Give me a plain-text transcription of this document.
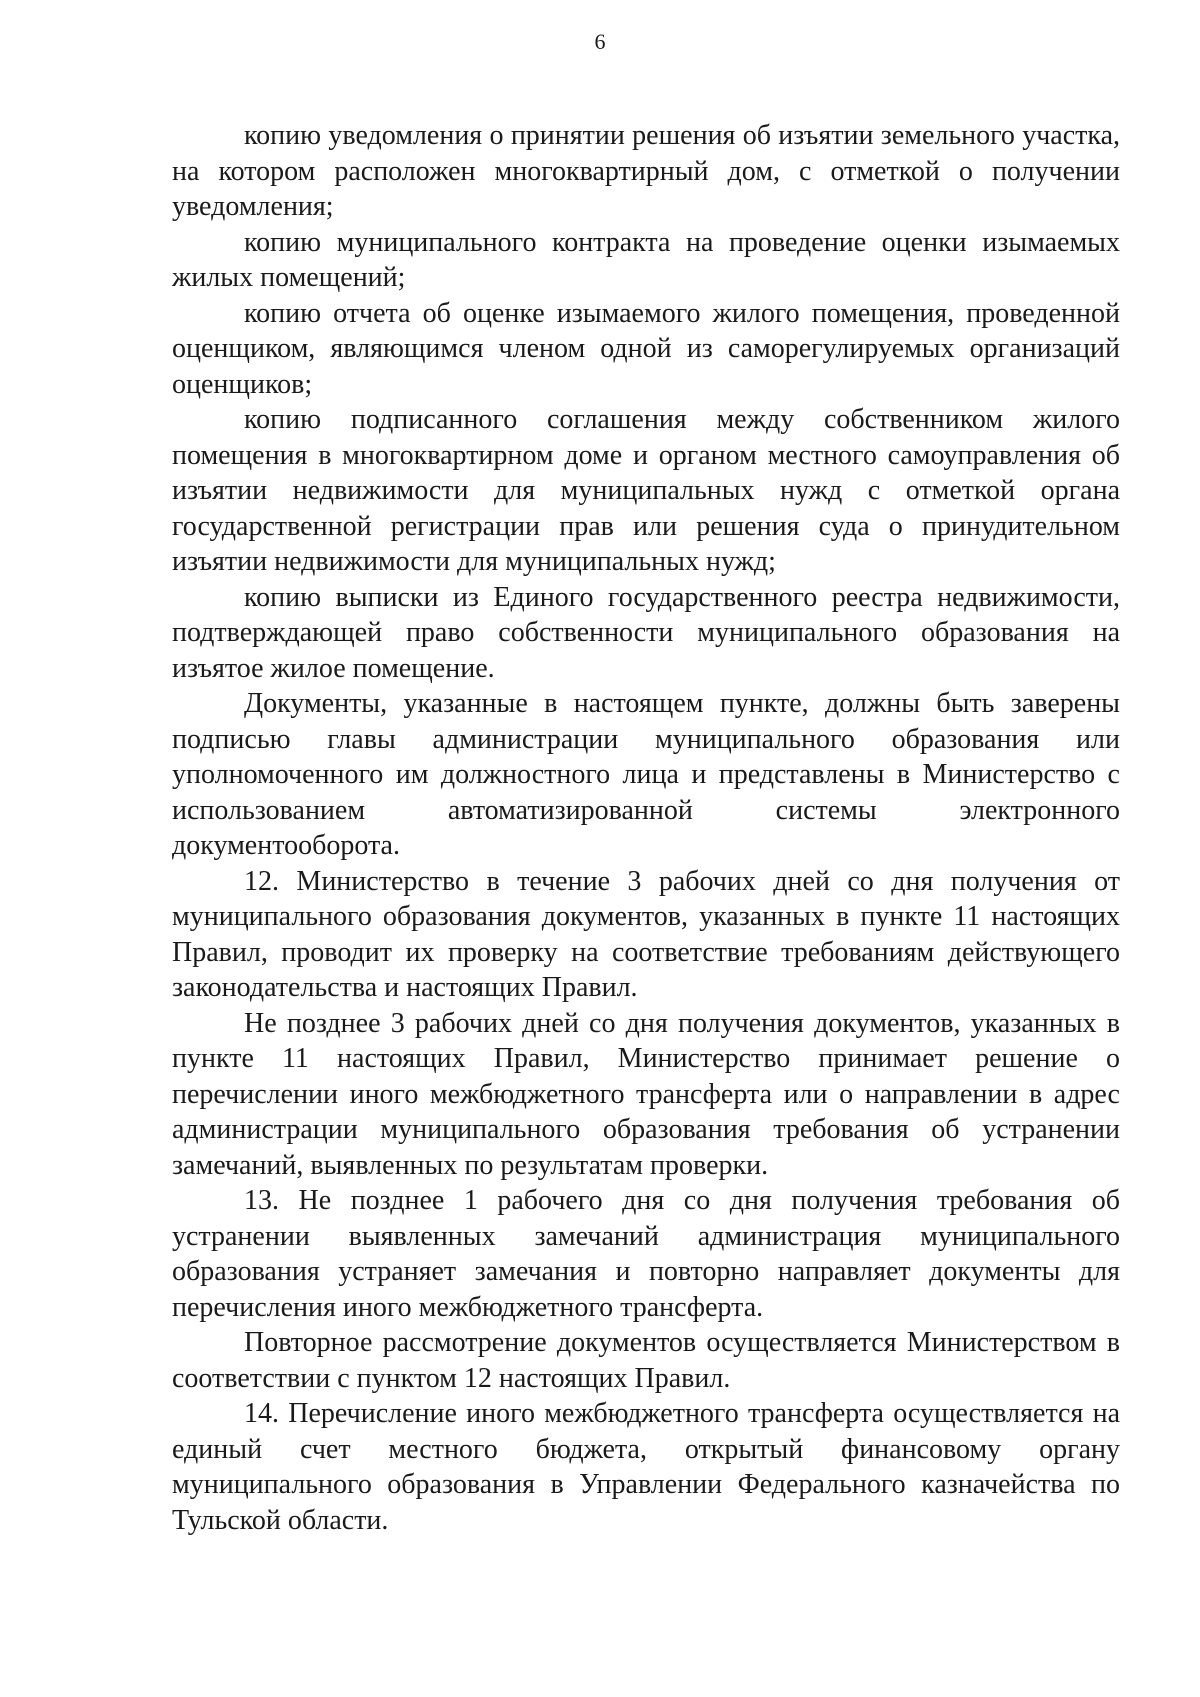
6

копию уведомления о принятии решения об изъятии земельного участка, на котором расположен многоквартирный дом, с отметкой о получении уведомления;

копию муниципального контракта на проведение оценки изымаемых жилых помещений;

копию отчета об оценке изымаемого жилого помещения, проведенной оценщиком, являющимся членом одной из саморегулируемых организаций оценщиков;

копию подписанного соглашения между собственником жилого помещения в многоквартирном доме и органом местного самоуправления об изъятии недвижимости для муниципальных нужд с отметкой органа государственной регистрации прав или решения суда о принудительном изъятии недвижимости для муниципальных нужд;

копию выписки из Единого государственного реестра недвижимости, подтверждающей право собственности муниципального образования на изъятое жилое помещение.

Документы, указанные в настоящем пункте, должны быть заверены подписью главы администрации муниципального образования или уполномоченного им должностного лица и представлены в Министерство с использованием автоматизированной системы электронного документооборота.

12. Министерство в течение 3 рабочих дней со дня получения от муниципального образования документов, указанных в пункте 11 настоящих Правил, проводит их проверку на соответствие требованиям действующего законодательства и настоящих Правил.

Не позднее 3 рабочих дней со дня получения документов, указанных в пункте 11 настоящих Правил, Министерство принимает решение о перечислении иного межбюджетного трансферта или о направлении в адрес администрации муниципального образования требования об устранении замечаний, выявленных по результатам проверки.

13. Не позднее 1 рабочего дня со дня получения требования об устранении выявленных замечаний администрация муниципального образования устраняет замечания и повторно направляет документы для перечисления иного межбюджетного трансферта.

Повторное рассмотрение документов осуществляется Министерством в соответствии с пунктом 12 настоящих Правил.

14. Перечисление иного межбюджетного трансферта осуществляется на единый счет местного бюджета, открытый финансовому органу муниципального образования в Управлении Федерального казначейства по Тульской области.
